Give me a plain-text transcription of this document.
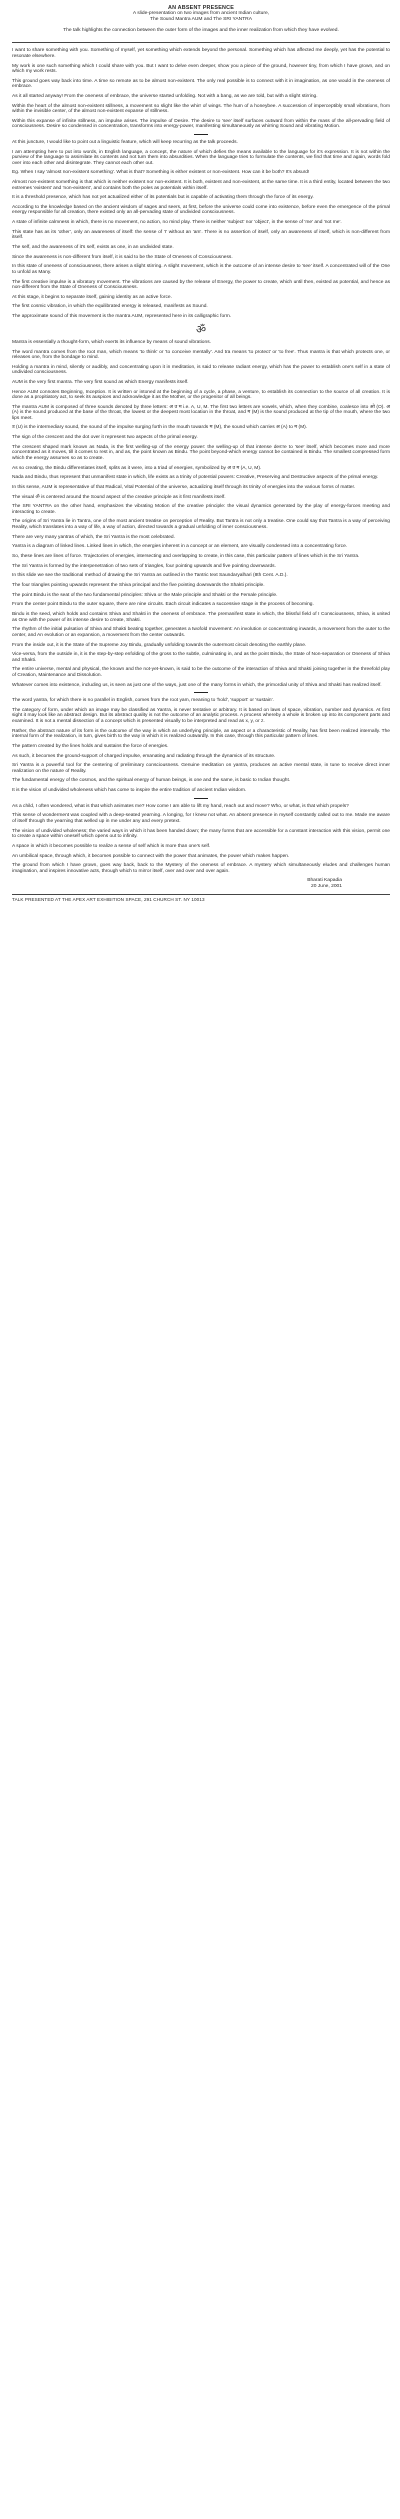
AN ABSENT PRESENCE
A slide-presentation on two images from ancient Indian culture,
The Sound Mantra AUM and The SRI YANTRA
The talk highlights the connection between the outer form of the images and the inner realization from which they have evolved.

I want to share something with you. Something of myself, yet something which extends beyond the personal. Something which has affected me deeply, yet has the potential to resonate elsewhere.

My work is one such something which I could share with you. But I want to delve even deeper, show you a piece of the ground, however tiny, from which I have grown, and on which my work rests.

This ground goes way back into time. A time so remote as to be almost non-existent. The only real possible is to connect with it in imagination, as one would in the oneness of embrace.

As it all started anyway! From the oneness of embrace, the universe started unfolding. Not with a bang, as we are told, but with a slight stirring.

Within the heart of the almost non-existent stillness, a movement so slight like the whirr of wings. The hum of a honeybee. A succession of imperceptibly small vibrations, from within the invisible center, of the almost non-existent expanse of stillness.

Within this expanse of infinite stillness, an impulse arises. The impulse of Desire. The desire to 'see' itself surfaces outward from within the mass of the all-pervading field of consciousness. Desire so condensed in concentration, transforms into energy-power, manifesting simultaneously as whirring Sound and vibrating Motion.

At this juncture, I would like to point out a linguistic feature, which will keep recurring as the talk proceeds.

I am attempting here to put into words, in English language, a concept, the nature of which defies the means available to the language for it's expression. It is not within the purview of the language to assimilate its contents and not turn them into absurdities. When the language tries to formulate the contents, we find that time and again, words fold over into each other and disintegrate. They cannot each other out.

Eg. When I say 'almost non-existent something'. What is that? Something is either existent or non-existent. How can it be both? It's absurd!

Almost non-existent something is that which is neither existent nor non-existent. It is both, existent and non-existent, at the same time. It is a third entity, located between the two extremes 'existent' and 'non-existent', and contains both the poles as potentials within itself.

It is a threshold presence, which has not yet actualized either of its potentials but is capable of activating them through the force of its energy.

According to the knowledge based on the ancient wisdom of sages and seers, at first, before the universe could come into existence, before even the emergence of the primal energy responsible for all creation, there existed only an all-pervading state of undivided consciousness.

A state of infinite calmness in which, there is no movement, no action, no mind play. There is neither 'subject' nor 'object', in the sense of 'me' and 'not me'.

This state has as its 'other', only an awareness of itself: the sense of 'I' without an 'am'. There is no assertion of itself, only an awareness of itself, which is non-different from itself.

The self, and the awareness of it's self, exists as one, in an undivided state.

Since the awareness is non-different from itself, it is said to be the State of Oneness of Consciousness.

In this state of oneness of consciousness, there arises a slight stirring. A slight movement, which is the outcome of an intense desire to 'see' itself. A concentrated will of the One to unfold as Many.

The first creative impulse is a vibratory movement. The vibrations are caused by the release of Energy, the power to create, which until then, existed as potential, and hence as non-different from the State of Oneness of Consciousness.

At this stage, it begins to separate itself, gaining identity as an active force.

The first cosmic vibration, in which the equilibrated energy is released, manifests as Sound.

The approximate sound of this movement is the mantra AUM, represented here in its calligraphic form.

ॐ

Mantra is essentially a thought-form, which exerts its influence by means of sound vibrations.

The word mantra comes from the root man, which means 'to think' or 'to conceive mentally'. And tra means 'to protect' or 'to free'. Thus mantra is that which protects one, or releases one, from the bondage to mind.

Holding a mantra in mind, silently or audibly, and concentrating upon it in meditation, is said to release radiant energy, which has the power to establish one's self in a state of undivided consciousness.

AUM is the very first mantra. The very first sound as which Energy manifests itself.

Hence AUM connotes Beginning, Inception. It is written or intoned at the beginning of a cycle, a phase, a venture, to establish its connection to the source of all creation. It is done as a propitiatory act, to seek its auspices and acknowledge it as the Mother, or the progenitor of all beings.

The mantra AUM is composed of three sounds denoted by three letters: अ उ म i.e. A, U, M. The first two letters are vowels, which, when they combine, coalesce into ओ (O). अ (A) is the sound produced at the base of the throat, the lowest or the deepest most location in the throat, and म (M) is the sound produced at the tip of the mouth, where the two lips meet.

उ (U) is the intermediary sound, the sound of the impulse surging forth in the mouth towards म (M), the sound which carries अ (A) to म (M).

The sign of the crescent and the dot over it represent two aspects of the primal energy.

The crescent shaped mark known as Nada, is the first welling-up of the energy power: the welling-up of that intense des're to 'see' itself, which becomes more and more concentrated as it moves, till it comes to rest in, and as, the point known as Bindu. The point beyond-which energy cannot be contained is Bindu. The smallest compressed form which the energy assumes so as to create.

As so creating, the Bindu differentiates itself, splits as it were, into a triad of energies, symbolized by अ उ म (A, U, M).

Nada and Bindu, thus represent that unmanifest state in which, life exists as a trinity of potential powers: Creative, Preserving and Destructive aspects of the primal energy.

In this sense, AUM is representative of that Radical, Vital Potential of the universe, actualizing itself through its trinity of energies into the various forms of matter.

The visual ॐ is centered around the Sound aspect of the creative principle as it first manifests itself.

The SRI YANTRA on the other hand, emphasizes the vibrating Motion of the creative principle: the visual dynamics generated by the play of energy-forces meeting and interacting to create.

The origins of Sri Yantra lie in Tantra, one of the most ancient treatise on perception of Reality. But Tantra is not only a treatise. One could say that Tantra is a way of perceiving Reality, which translates into a way of life, a way of action, directed towards a gradual unfolding of inner consciousness.

There are very many yantras of which, the Sri Yantra is the most celebrated.

Yantra is a diagram of linked lines. Linked lines in which, the energies inherent in a concept or an element, are visually condensed into a concentrating force.

So, these lines are lines of force. Trajectories of energies, intersecting and overlapping to create, in this case, this particular pattern of lines which is the Sri Yantra.

The Sri Yantra is formed by the interpenetration of two sets of triangles, four pointing upwards and five pointing downwards.

In this slide we see the traditional method of drawing the Sri Yantra as outlined in the Tantric text Saundaryalhari (8th Cent. A.D.).

The four triangles pointing upwards represent the Shiva principal and the five pointing downwards the Shakti principle.

The point Bindu is the seat of the two fundamental principles: Shiva or the Male principle and Shakti or the Female principle.

From the center point Bindu to the outer square, there are nine circuits. Each circuit indicates a successive stage in the process of becoming.

Bindu is the seed, which holds and contains Shiva and Shakti in the oneness of embrace. The premanifest state in which, the blissful field of I Consciousness, Shiva, is united as One with the power of its intense desire to create, Shakti.

The rhythm of the initial pulsation of Shiva and Shakti beating together, generates a twofold movement: An involution or concentrating inwards, a movement from the outer to the center, and An evolution or an expansion, a movement from the center outwards.

From the inside out, it is the State of the Supreme Joy Bindu, gradually unfolding towards the outermost circuit denoting the earthly plane.

Vice-versa, from the outside in, it is the step-by-step enfolding of the gross to the subtle, culminating in, and as the point Bindu, the State of Non-separation or Oneness of Shiva and Shakti.

The entire universe, mental and physical, the known and the not-yet-known, is said to be the outcome of the interaction of Shiva and Shakti joining together in the threefold play of Creation, Maintenance and Dissolution.

Whatever comes into existence, including us, is seen as just one of the ways, just one of the many forms in which, the primordial unity of Shiva and Shakti has realized itself.

The word yantra, for which there is no parallel in English, comes from the root yam, meaning to 'hold', 'support' or 'sustain'.

The category of form, under which an image may be classified as Yantra, is never tentative or arbitrary. It is based on laws of space, vibration, number and dynamics. At first sight it may look like an abstract design. But its abstract quality is not the outcome of an analytic process. A process whereby a whole is broken up into its component parts and examined. It is not a mental dissection of a concept which is presented visually to be interpreted and read as x, y, or z.

Rather, the abstract nature of its form is the outcome of the way in which an underlying principle, an aspect or a characteristic of Reality, has first been realized internally. The internal form of the realization, in turn, gives birth to the way in which it is realized outwardly. In this case, through this particular pattern of lines.

The pattern created by the lines holds and sustains the force of energies.

As such, it becomes the ground-support of charged impulse, emanating and radiating through the dynamics of its structure.

Sri Yantra is a powerful tool for the centering of preliminary consciousness. Genuine meditation on yantra, produces an active mental state, in tune to receive direct inner realization on the nature of Reality.

The fundamental energy of the cosmos, and the spiritual energy of human beings, is one and the same, is basic to Indian thought.

It is the vision of undivided wholeness which has come to inspire the entire tradition of ancient Indian wisdom.

As a child, I often wondered, what is that which animates me? How come I am able to lift my hand, reach out and move? Who, or what, is that which propels?

This sense of wonderment was coupled with a deep-seated yearning. A longing, for I knew not what. An absent presence in myself constantly called out to me. Made me aware of itself through the yearning that welled up in me under any and every pretext.

The vision of undivided wholeness; the varied ways in which it has been handed down; the many forms that are accessible for a constant interaction with this vision, permit one to create a space within oneself which opens out to infinity.

A space in which it becomes possible to realize a sense of self which is more than one's self.

An umbilical space, through which, it becomes possible to connect with the power that animates, the power which makes happen.

The ground from which I have grown, goes way back, back to the Mystery of the oneness of embrace. A mystery which simultaneously eludes and challenges human imagination, and inspires innovative acts, through which to mirror itself, over and over and over again.

Bharati Kapadia
20 June, 2001
TALK PRESENTED AT THE APEX ART EXHIBITION SPACE, 291 CHURCH ST. NY 10013
